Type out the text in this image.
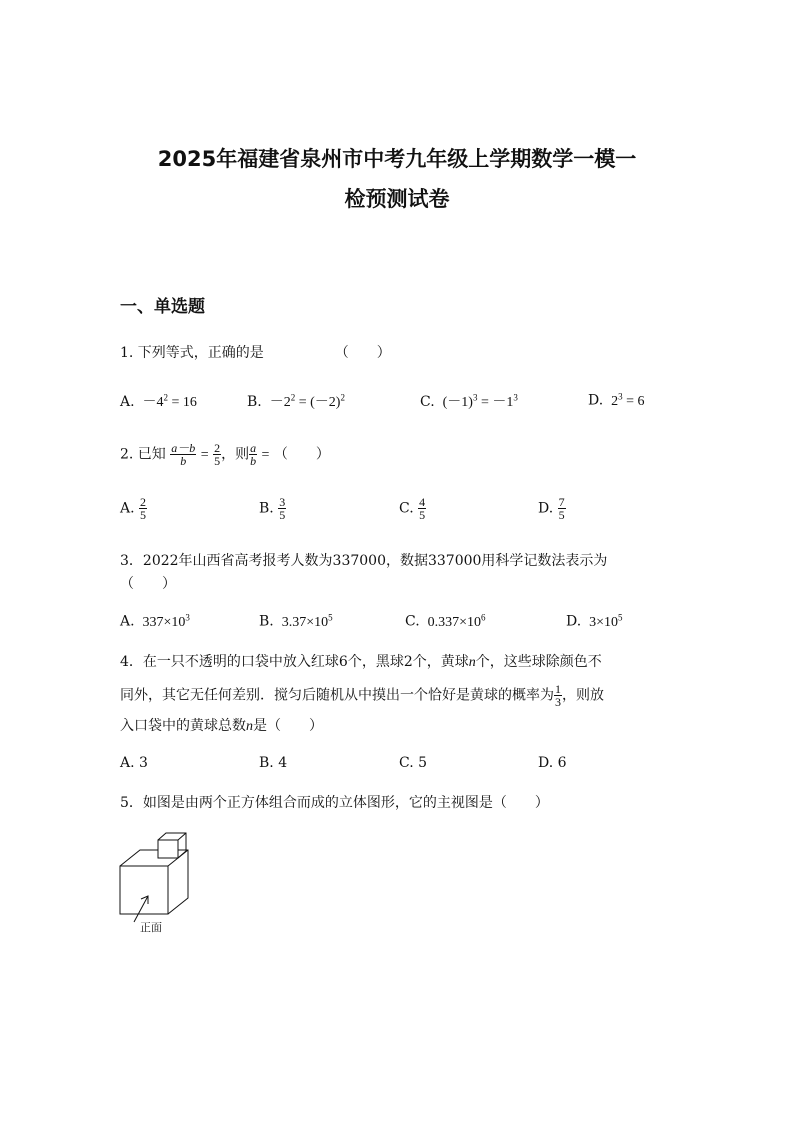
2025年福建省泉州市中考九年级上学期数学一模一
检预测试卷
一、单选题
1. 下列等式，正确的是	（　　）
A. $-4^2 = 16$	B.  $-2^2 = (-2)^2$	C.  $(-1)^3 = -1^3$	D.  $2^3 = 6$
2. 已知 $\frac{a-b}{b} = \frac{2}{5}$ ，则 $\frac{a}{b}$ = （　　）
A. $\frac{2}{5}$	B. $\frac{3}{5}$	C. $\frac{4}{5}$	D. $\frac{7}{5}$
3．2022年山西省高考报考人数为337000，数据337000用科学记数法表示为
（　　）
A. $337\times 10^3$	B. $3.37\times 10^5$	C. $0.337\times 10^6$	D. $3\times 10^5$
4．在一只不透明的口袋中放入红球6个，黑球2个，黄球n个，这些球除颜色不
同外，其它无任何差别．搅匀后随机从中摸出一个恰好是黄球的概率为 $\frac{1}{3}$ ，则放
入口袋中的黄球总数n是（　　）
A. 3	B. 4	C. 5	D. 6
5．如图是由两个正方体组合而成的立体图形，它的主视图是（　　）
正面
